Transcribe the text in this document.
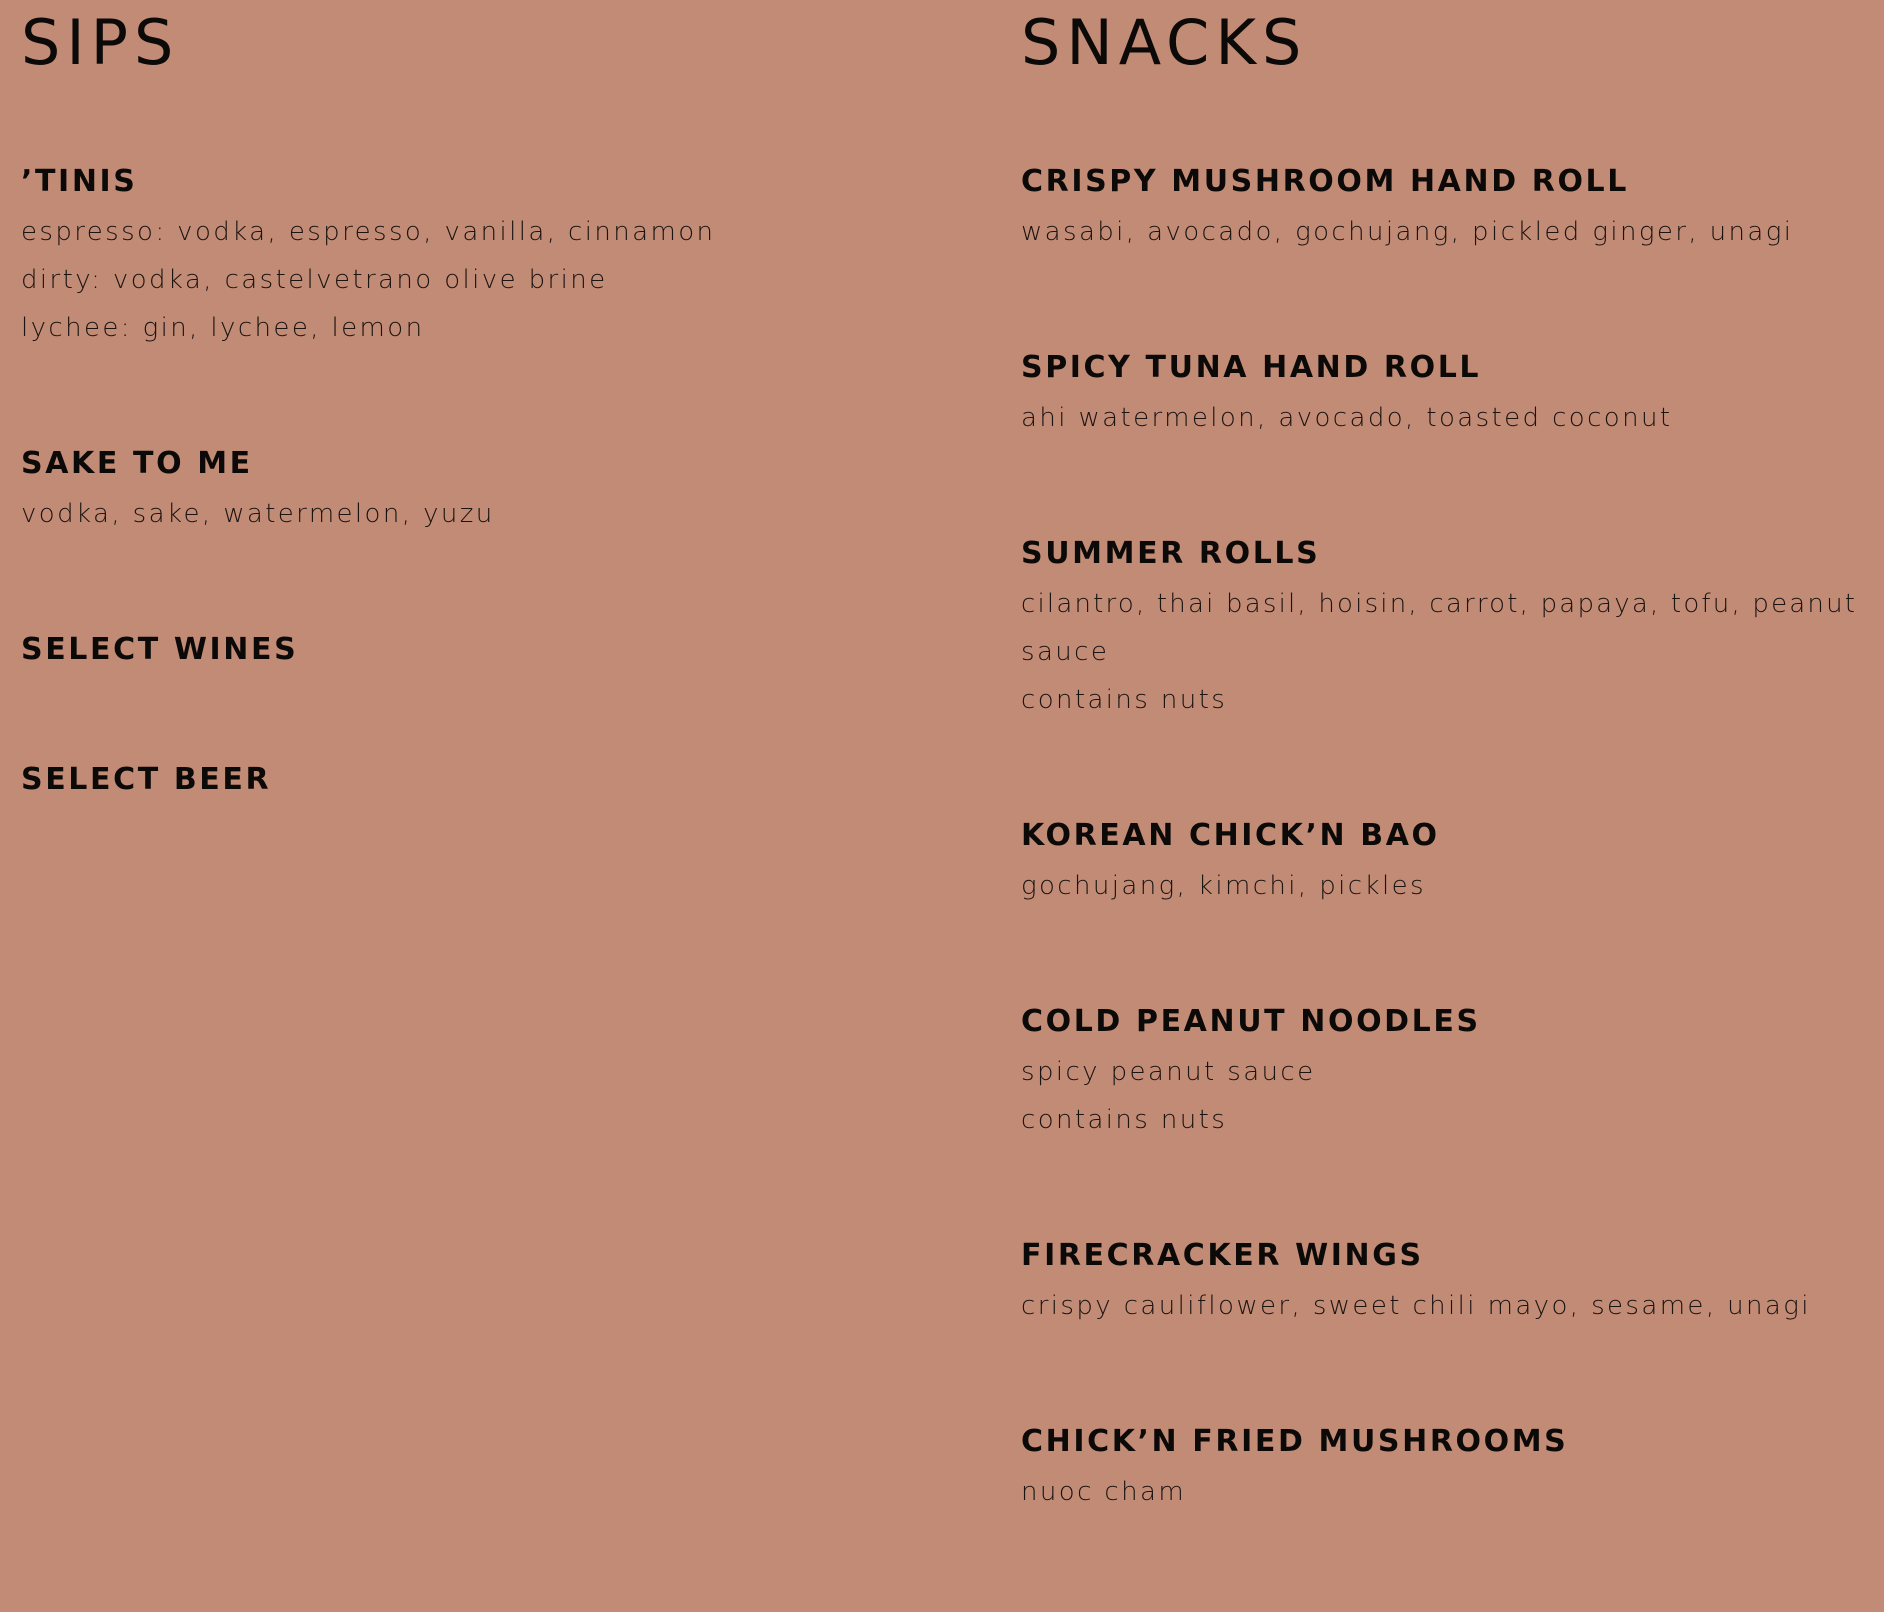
SIPS
’TINIS

espresso: vodka, espresso, vanilla, cinnamon

dirty: vodka, castelvetrano olive brine

lychee: gin, lychee, lemon

SAKE TO ME

vodka, sake, watermelon, yuzu

SELECT WINES
SELECT BEER
SNACKS
CRISPY MUSHROOM HAND ROLL

wasabi, avocado, gochujang, pickled ginger, unagi

SPICY TUNA HAND ROLL

ahi watermelon, avocado, toasted coconut

SUMMER ROLLS

cilantro, thai basil, hoisin, carrot, papaya, tofu, peanut

sauce

contains nuts

KOREAN CHICK’N BAO

gochujang, kimchi, pickles

COLD PEANUT NOODLES

spicy peanut sauce

contains nuts

FIRECRACKER WINGS

crispy cauliflower, sweet chili mayo, sesame, unagi

CHICK’N FRIED MUSHROOMS

nuoc cham
